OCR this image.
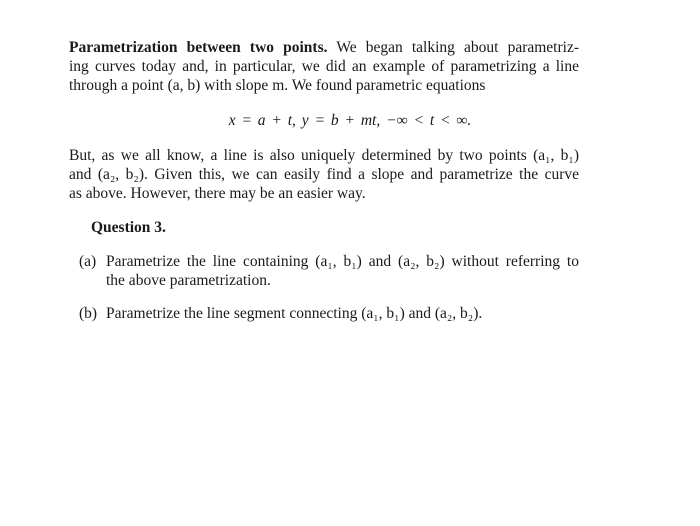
Parametrization between two points. We began talking about parametriz-
ing curves today and, in particular, we did an example of parametrizing a line
through a point (a, b) with slope m. We found parametric equations
x = a + t, y = b + mt, −∞ < t < ∞.
But, as we all know, a line is also uniquely determined by two points (a₁, b₁)
and (a₂, b₂). Given this, we can easily find a slope and parametrize the curve
as above. However, there may be an easier way.
Question 3.
(a) Parametrize the line containing (a₁, b₁) and (a₂, b₂) without referring to
the above parametrization.
(b) Parametrize the line segment connecting (a₁, b₁) and (a₂, b₂).
